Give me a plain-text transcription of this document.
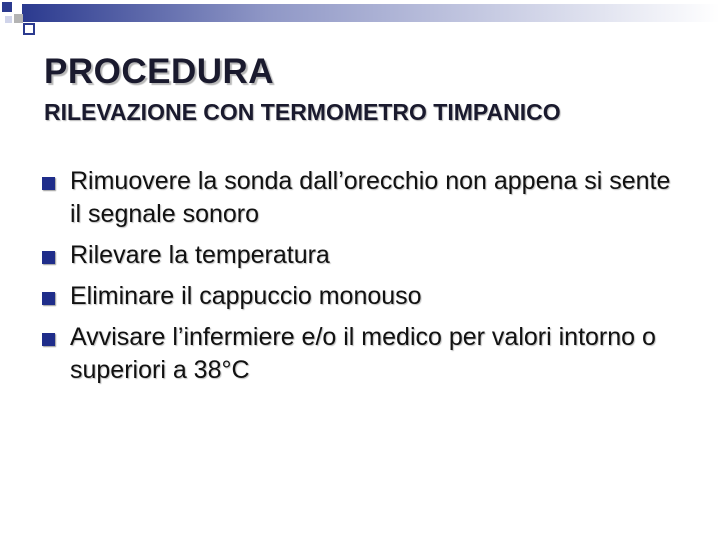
PROCEDURA
RILEVAZIONE CON TERMOMETRO TIMPANICO
Rimuovere la sonda dall’orecchio non appena si sente il segnale sonoro
Rilevare la temperatura
Eliminare il cappuccio monouso
Avvisare l’infermiere e/o il medico per valori intorno o superiori a 38°C
